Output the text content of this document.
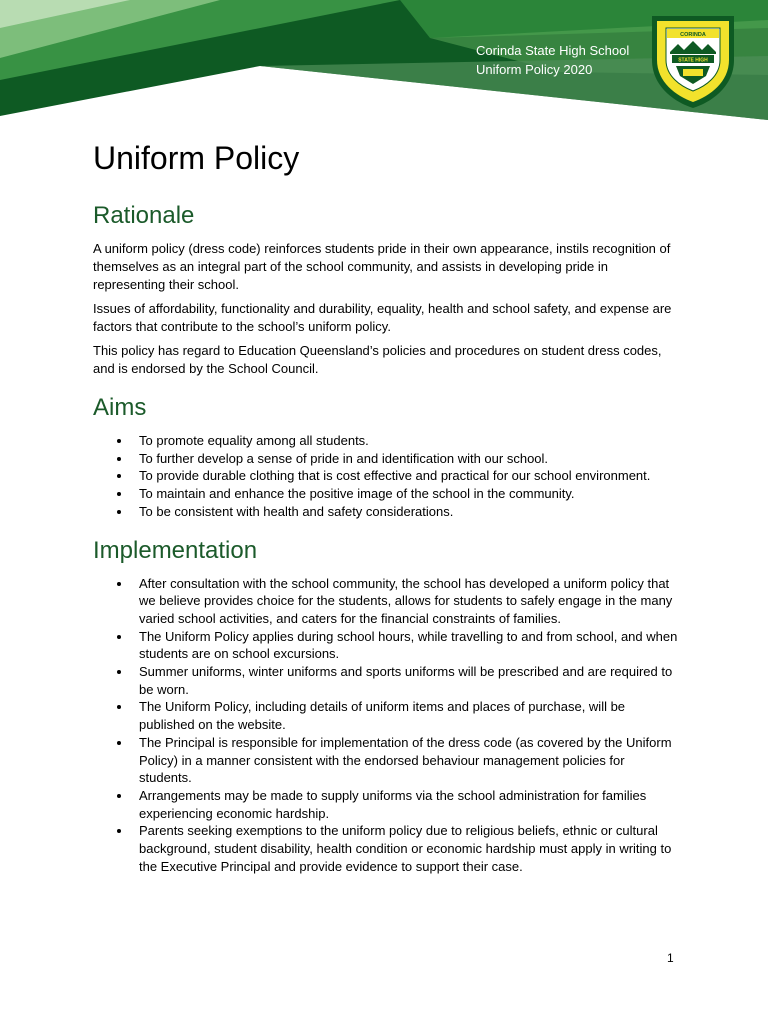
Corinda State High School
Uniform Policy 2020
CORINDA
STATE HIGH
Uniform Policy
Rationale

A uniform policy (dress code) reinforces students pride in their own appearance, instils recognition of themselves as an integral part of the school community, and assists in developing pride in representing their school.

Issues of affordability, functionality and durability, equality, health and school safety, and expense are factors that contribute to the school’s uniform policy.

This policy has regard to Education Queensland’s policies and procedures on student dress codes, and is endorsed by the School Council.

Aims
To promote equality among all students.
To further develop a sense of pride in and identification with our school.
To provide durable clothing that is cost effective and practical for our school environment.
To maintain and enhance the positive image of the school in the community.
To be consistent with health and safety considerations.
Implementation
After consultation with the school community, the school has developed a uniform policy that we believe provides choice for the students, allows for students to safely engage in the many varied school activities, and caters for the financial constraints of families.
The Uniform Policy applies during school hours, while travelling to and from school, and when students are on school excursions.
Summer uniforms, winter uniforms and sports uniforms will be prescribed and are required to be worn.
The Uniform Policy, including details of uniform items and places of purchase, will be published on the website.
The Principal is responsible for implementation of the dress code (as covered by the Uniform Policy) in a manner consistent with the endorsed behaviour management policies for students.
Arrangements may be made to supply uniforms via the school administration for families experiencing economic hardship.
Parents seeking exemptions to the uniform policy due to religious beliefs, ethnic or cultural background, student disability, health condition or economic hardship must apply in writing to the Executive Principal and provide evidence to support their case.
1
